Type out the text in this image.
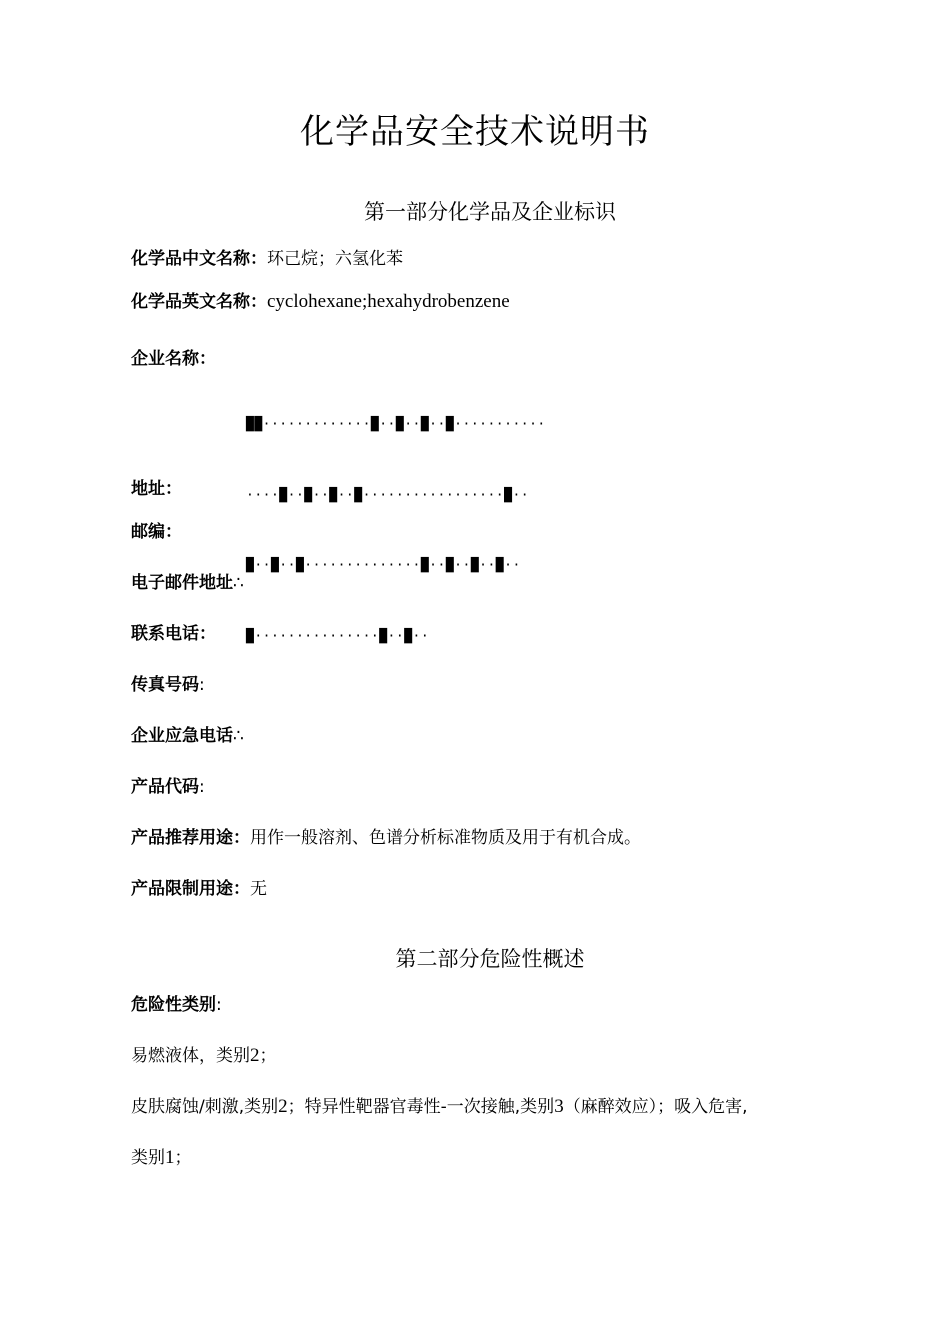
化学品安全技术说明书
第一部分化学品及企业标识
化学品中文名称：环己烷；六氢化苯
化学品英文名称：cyclohexane;hexahydrobenzene
企业名称：

██·············█··█··█··█···········

····█··█··█··█·················█··

█··█··█··············█··█··█··█··

█···············█··█··

地址：
邮编：
电子邮件地址∴
联系电话：
传真号码:
企业应急电话∴
产品代码:
产品推荐用途：用作一般溶剂、色谱分析标准物质及用于有机合成。
产品限制用途：无
第二部分危险性概述
危险性类别:
易燃液体，类别2；
皮肤腐蚀/刺激,类别2；特异性靶器官毒性-一次接触,类别3（麻醉效应）；吸入危害,
类别1；
